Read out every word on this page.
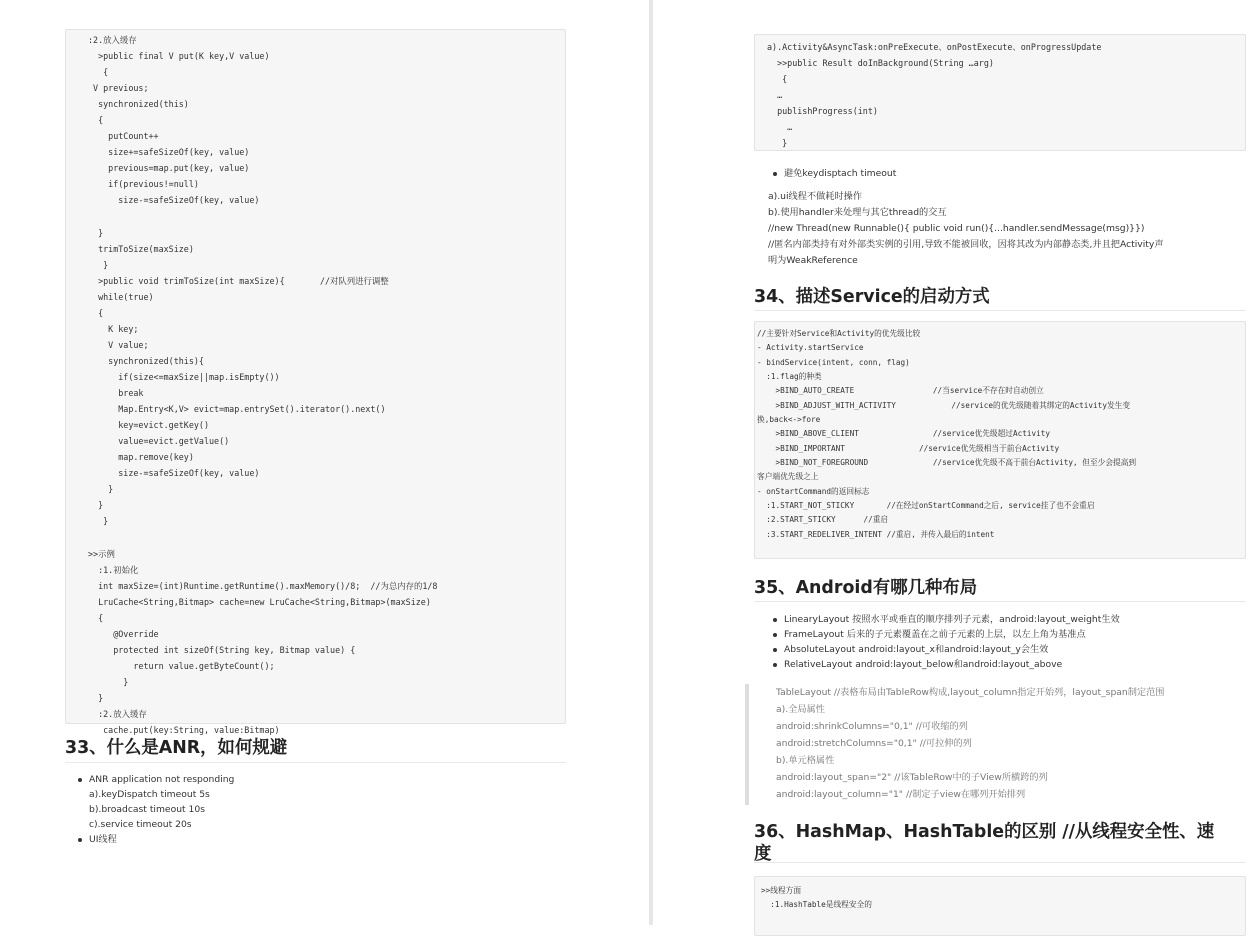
:2.放入缓存
>public final V put(K key,V value)
{
V previous;
synchronized(this)
{
putCount++
size+=safeSizeOf(key, value)
previous=map.put(key, value)
if(previous!=null)
size-=safeSizeOf(key, value)

}
trimToSize(maxSize)
}
>public void trimToSize(int maxSize){       //对队列进行调整
while(true)
{
K key;
V value;
synchronized(this){
if(size<=maxSize||map.isEmpty())
break
Map.Entry<K,V> evict=map.entrySet().iterator().next()
key=evict.getKey()
value=evict.getValue()
map.remove(key)
size-=safeSizeOf(key, value)
}
}
}

>>示例
:1.初始化
int maxSize=(int)Runtime.getRuntime().maxMemory()/8;  //为总内存的1/8
LruCache<String,Bitmap> cache=new LruCache<String,Bitmap>(maxSize)
{
@Override
protected int sizeOf(String key, Bitmap value) {
return value.getByteCount();
}
}
:2.放入缓存
cache.put(key:String, value:Bitmap)
33、什么是ANR，如何规避
ANR application not responding
a).keyDispatch timeout 5s
b).broadcast timeout 10s
c).service timeout 20s
UI线程
a).Activity&AsyncTask:onPreExecute、onPostExecute、onProgressUpdate
>>public Result doInBackground(String …arg)
{
…
publishProgress(int)
…
}
避免keydisptach timeout
a).ui线程不做耗时操作
b).使用handler来处理与其它thread的交互
//new Thread(new Runnable(){ public void run(){...handler.sendMessage(msg)}})
//匿名内部类持有对外部类实例的引用,导致不能被回收，因将其改为内部静态类,并且把Activity声
明为WeakReference
34、描述Service的启动方式
//主要针对Service和Activity的优先级比较
- Activity.startService
- bindService(intent, conn, flag)
:1.flag的种类
>BIND_AUTO_CREATE                 //当service不存在时自动创立
>BIND_ADJUST_WITH_ACTIVITY            //service的优先级随着其绑定的Activity发生变
换,back<->fore
>BIND_ABOVE_CLIENT                //service优先级超过Activity
>BIND_IMPORTANT                //service优先级相当于前台Activity
>BIND_NOT_FOREGROUND              //service优先级不高于前台Activity, 但至少会提高到
客户端优先级之上
- onStartCommand的返回标志
:1.START_NOT_STICKY       //在经过onStartCommand之后, service挂了也不会重启
:2.START_STICKY      //重启
:3.START_REDELIVER_INTENT //重启, 并传入最后的intent
35、Android有哪几种布局
LinearyLayout 按照水平或垂直的顺序排列子元素，android:layout_weight生效
FrameLayout 后来的子元素覆盖在之前子元素的上层，以左上角为基准点
AbsoluteLayout android:layout_x和android:layout_y会生效
RelativeLayout android:layout_below和android:layout_above
TableLayout //表格布局由TableRow构成,layout_column指定开始列，layout_span制定范围
a).全局属性
android:shrinkColumns="0,1" //可收缩的列
android:stretchColumns="0,1" //可拉伸的列
b).单元格属性
android:layout_span="2" //该TableRow中的子View所横跨的列
android:layout_column="1" //制定子view在哪列开始排列
36、HashMap、HashTable的区别 //从线程安全性、速
度
>>线程方面
:1.HashTable是线程安全的
